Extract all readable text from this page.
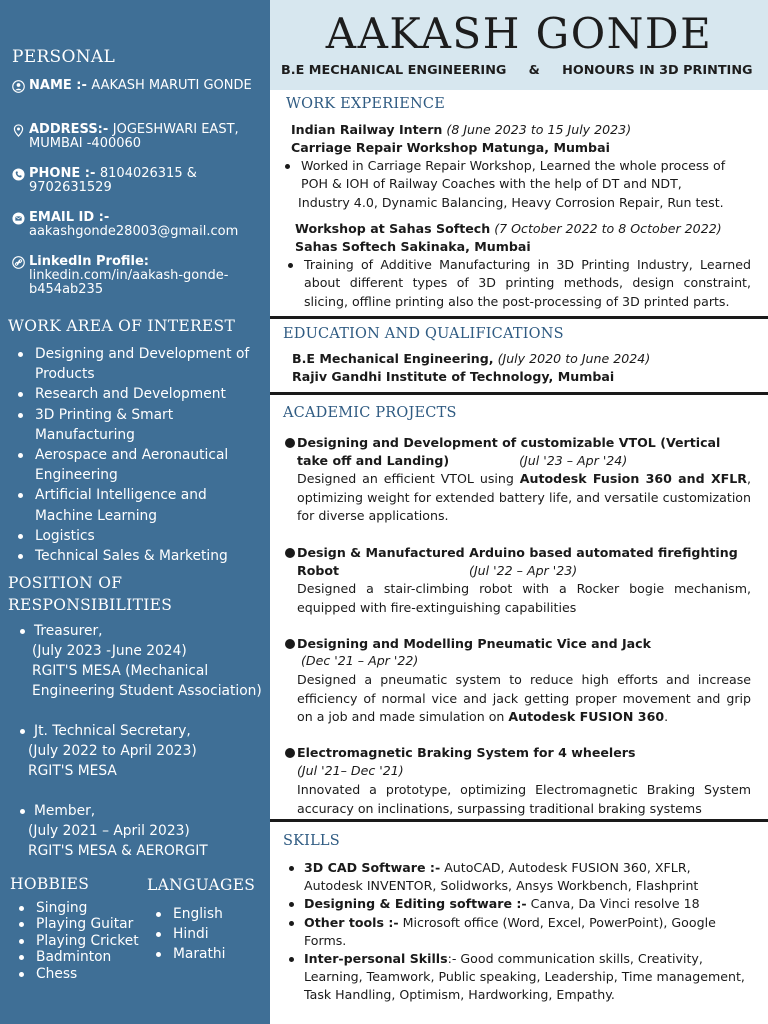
PERSONAL
NAME :- AAKASH MARUTI GONDE
ADDRESS:- JOGESHWARI EAST, MUMBAI -400060
PHONE :- 8104026315 & 9702631529
EMAIL ID :-
aakashgonde28003@gmail.com
LinkedIn Profile:
linkedin.com/in/aakash-gonde-b454ab235
WORK AREA OF INTEREST
Designing and Development of Products
Research and Development
3D Printing & Smart Manufacturing
Aerospace and Aeronautical Engineering
Artificial Intelligence and Machine Learning
Logistics
Technical Sales & Marketing
POSITION OF
RESPONSIBILITIES
Treasurer,
(July 2023 -June 2024)
RGIT'S MESA (Mechanical Engineering Student Association)
Jt. Technical Secretary,
(July 2022 to April 2023)
RGIT'S MESA
Member,
(July 2021 – April 2023)
RGIT'S MESA & AERORGIT
HOBBIES
Singing
Playing Guitar
Playing Cricket
Badminton
Chess
LANGUAGES
English
Hindi
Marathi
AAKASH GONDE
B.E MECHANICAL ENGINEERING     &     HONOURS IN 3D PRINTING
WORK EXPERIENCE
Indian Railway Intern (8 June 2023 to 15 July 2023)
Carriage Repair Workshop Matunga, Mumbai
Worked in Carriage Repair Workshop, Learned the whole process of
POH & IOH of Railway Coaches with the help of DT and NDT,
Industry 4.0, Dynamic Balancing, Heavy Corrosion Repair, Run test.
Workshop at Sahas Softech (7 October 2022 to 8 October 2022)
Sahas Softech Sakinaka, Mumbai
Training of Additive Manufacturing in 3D Printing Industry, Learned about different types of 3D printing methods, design constraint, slicing, offline printing also the post-processing of 3D printed parts.
EDUCATION AND QUALIFICATIONS
B.E Mechanical Engineering, (July 2020 to June 2024)
Rajiv Gandhi Institute of Technology, Mumbai
ACADEMIC PROJECTS
Designing and Development of customizable VTOL (Vertical take off and Landing)	(Jul '23 – Apr '24)
Designed an efficient VTOL using Autodesk Fusion 360 and XFLR, optimizing weight for extended battery life, and versatile customization for diverse applications.
Design & Manufactured Arduino based automated firefighting Robot	(Jul '22 – Apr '23)
Designed a stair-climbing robot with a Rocker bogie mechanism, equipped with fire-extinguishing capabilities
Designing and Modelling Pneumatic Vice and Jack
(Dec '21 – Apr '22)
Designed a pneumatic system to reduce high efforts and increase efficiency of normal vice and jack getting proper movement and grip on a job and made simulation on Autodesk FUSION 360.
Electromagnetic Braking System for 4 wheelers
(Jul '21– Dec '21)
Innovated a prototype, optimizing Electromagnetic Braking System accuracy on inclinations, surpassing traditional braking systems
SKILLS
3D CAD Software :- AutoCAD, Autodesk FUSION 360, XFLR, Autodesk INVENTOR, Solidworks, Ansys Workbench, Flashprint
Designing & Editing software :- Canva, Da Vinci resolve 18
Other tools :- Microsoft office (Word, Excel, PowerPoint), Google Forms.
Inter-personal Skills:- Good communication skills, Creativity, Learning, Teamwork, Public speaking, Leadership, Time management, Task Handling, Optimism, Hardworking, Empathy.
